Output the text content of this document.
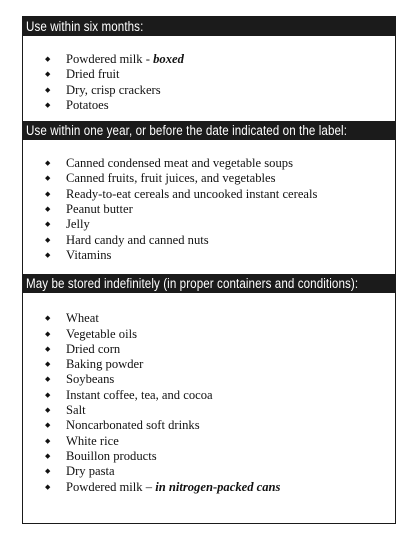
Use within six months:
◆ Powdered milk - boxed
◆ Dried fruit
◆ Dry, crisp crackers
◆ Potatoes
Use within one year, or before the date indicated on the label:
◆ Canned condensed meat and vegetable soups
◆ Canned fruits, fruit juices, and vegetables
◆ Ready-to-eat cereals and uncooked instant cereals
◆ Peanut butter
◆ Jelly
◆ Hard candy and canned nuts
◆ Vitamins
May be stored indefinitely (in proper containers and conditions):
◆ Wheat
◆ Vegetable oils
◆ Dried corn
◆ Baking powder
◆ Soybeans
◆ Instant coffee, tea, and cocoa
◆ Salt
◆ Noncarbonated soft drinks
◆ White rice
◆ Bouillon products
◆ Dry pasta
◆ Powdered milk – in nitrogen-packed cans
